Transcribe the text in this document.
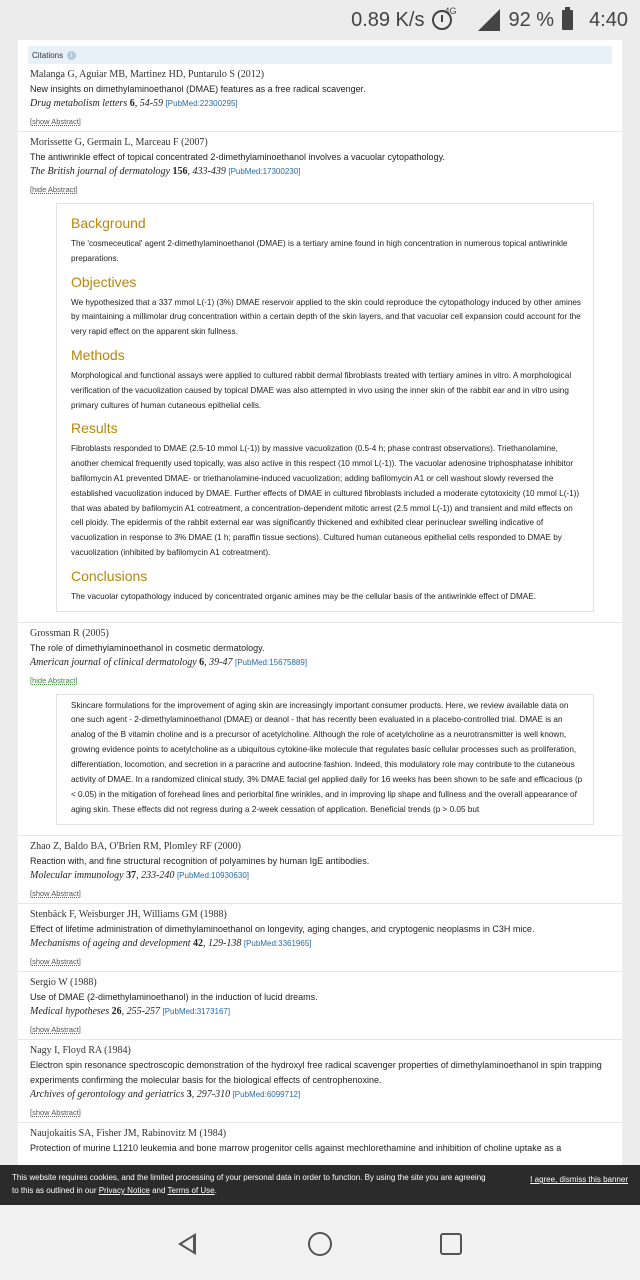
0.89 K/s 4G	92 % 4:40
Citations	i
Malanga G, Aguiar MB, Martinez HD, Puntarulo S (2012)
New insights on dimethylaminoethanol (DMAE) features as a free radical scavenger.
Drug metabolism letters 6, 54-59 [PubMed:22300295]
[show Abstract]
Morissette G, Germain L, Marceau F (2007)
The antiwrinkle effect of topical concentrated 2-dimethylaminoethanol involves a vacuolar cytopathology.
The British journal of dermatology 156, 433-439 [PubMed:17300230]
[hide Abstract]
Background

The 'cosmeceutical' agent 2-dimethylaminoethanol (DMAE) is a tertiary amine found in high concentration in numerous topical antiwrinkle preparations.

Objectives

We hypothesized that a 337 mmol L(-1) (3%) DMAE reservoir applied to the skin could reproduce the cytopathology induced by other amines by maintaining a millimolar drug concentration within a certain depth of the skin layers, and that vacuolar cell expansion could account for the very rapid effect on the apparent skin fullness.

Methods

Morphological and functional assays were applied to cultured rabbit dermal fibroblasts treated with tertiary amines in vitro. A morphological verification of the vacuolization caused by topical DMAE was also attempted in vivo using the inner skin of the rabbit ear and in vitro using primary cultures of human cutaneous epithelial cells.

Results

Fibroblasts responded to DMAE (2.5-10 mmol L(-1)) by massive vacuolization (0.5-4 h; phase contrast observations). Triethanolamine, another chemical frequently used topically, was also active in this respect (10 mmol L(-1)). The vacuolar adenosine triphosphatase inhibitor bafilomycin A1 prevented DMAE- or triethanolamine-induced vacuolization; adding bafilomycin A1 or cell washout slowly reversed the established vacuolization induced by DMAE. Further effects of DMAE in cultured fibroblasts included a moderate cytotoxicity (10 mmol L(-1)) that was abated by bafilomycin A1 cotreatment, a concentration-dependent mitotic arrest (2.5 mmol L(-1)) and transient and mild effects on cell ploidy. The epidermis of the rabbit external ear was significantly thickened and exhibited clear perinuclear swelling indicative of vacuolization in response to 3% DMAE (1 h; paraffin tissue sections). Cultured human cutaneous epithelial cells responded to DMAE by vacuolization (inhibited by bafilomycin A1 cotreatment).

Conclusions

The vacuolar cytopathology induced by concentrated organic amines may be the cellular basis of the antiwrinkle effect of DMAE.

Grossman R (2005)
The role of dimethylaminoethanol in cosmetic dermatology.
American journal of clinical dermatology 6, 39-47 [PubMed:15675889]
[hide Abstract]
Skincare formulations for the improvement of aging skin are increasingly important consumer products. Here, we review available data on one such agent - 2-dimethylaminoethanol (DMAE) or deanol - that has recently been evaluated in a placebo-controlled trial. DMAE is an analog of the B vitamin choline and is a precursor of acetylcholine. Although the role of acetylcholine as a neurotransmitter is well known, growing evidence points to acetylcholine as a ubiquitous cytokine-like molecule that regulates basic cellular processes such as proliferation, differentiation, locomotion, and secretion in a paracrine and autocrine fashion. Indeed, this modulatory role may contribute to the cutaneous activity of DMAE. In a randomized clinical study, 3% DMAE facial gel applied daily for 16 weeks has been shown to be safe and efficacious (p < 0.05) in the mitigation of forehead lines and periorbital fine wrinkles, and in improving lip shape and fullness and the overall appearance of aging skin. These effects did not regress during a 2-week cessation of application. Beneficial trends (p > 0.05 but
Zhao Z, Baldo BA, O'Brien RM, Plomley RF (2000)
Reaction with, and fine structural recognition of polyamines by human IgE antibodies.
Molecular immunology 37, 233-240 [PubMed:10930630]
[show Abstract]
Stenbäck F, Weisburger JH, Williams GM (1988)
Effect of lifetime administration of dimethylaminoethanol on longevity, aging changes, and cryptogenic neoplasms in C3H mice.
Mechanisms of ageing and development 42, 129-138 [PubMed:3361965]
[show Abstract]
Sergio W (1988)
Use of DMAE (2-dimethylaminoethanol) in the induction of lucid dreams.
Medical hypotheses 26, 255-257 [PubMed:3173167]
[show Abstract]
Nagy I, Floyd RA (1984)
Electron spin resonance spectroscopic demonstration of the hydroxyl free radical scavenger properties of dimethylaminoethanol in spin trapping experiments confirming the molecular basis for the biological effects of centrophenoxine.
Archives of gerontology and geriatrics 3, 297-310 [PubMed:6099712]
[show Abstract]
Naujokaitis SA, Fisher JM, Rabinovitz M (1984)
Protection of murine L1210 leukemia and bone marrow progenitor cells against mechlorethamine and inhibition of choline uptake as a
This website requires cookies, and the limited processing of your personal data in order to function. By using the site you are agreeing to this as outlined in our Privacy Notice and Terms of Use.
I agree, dismiss this banner
